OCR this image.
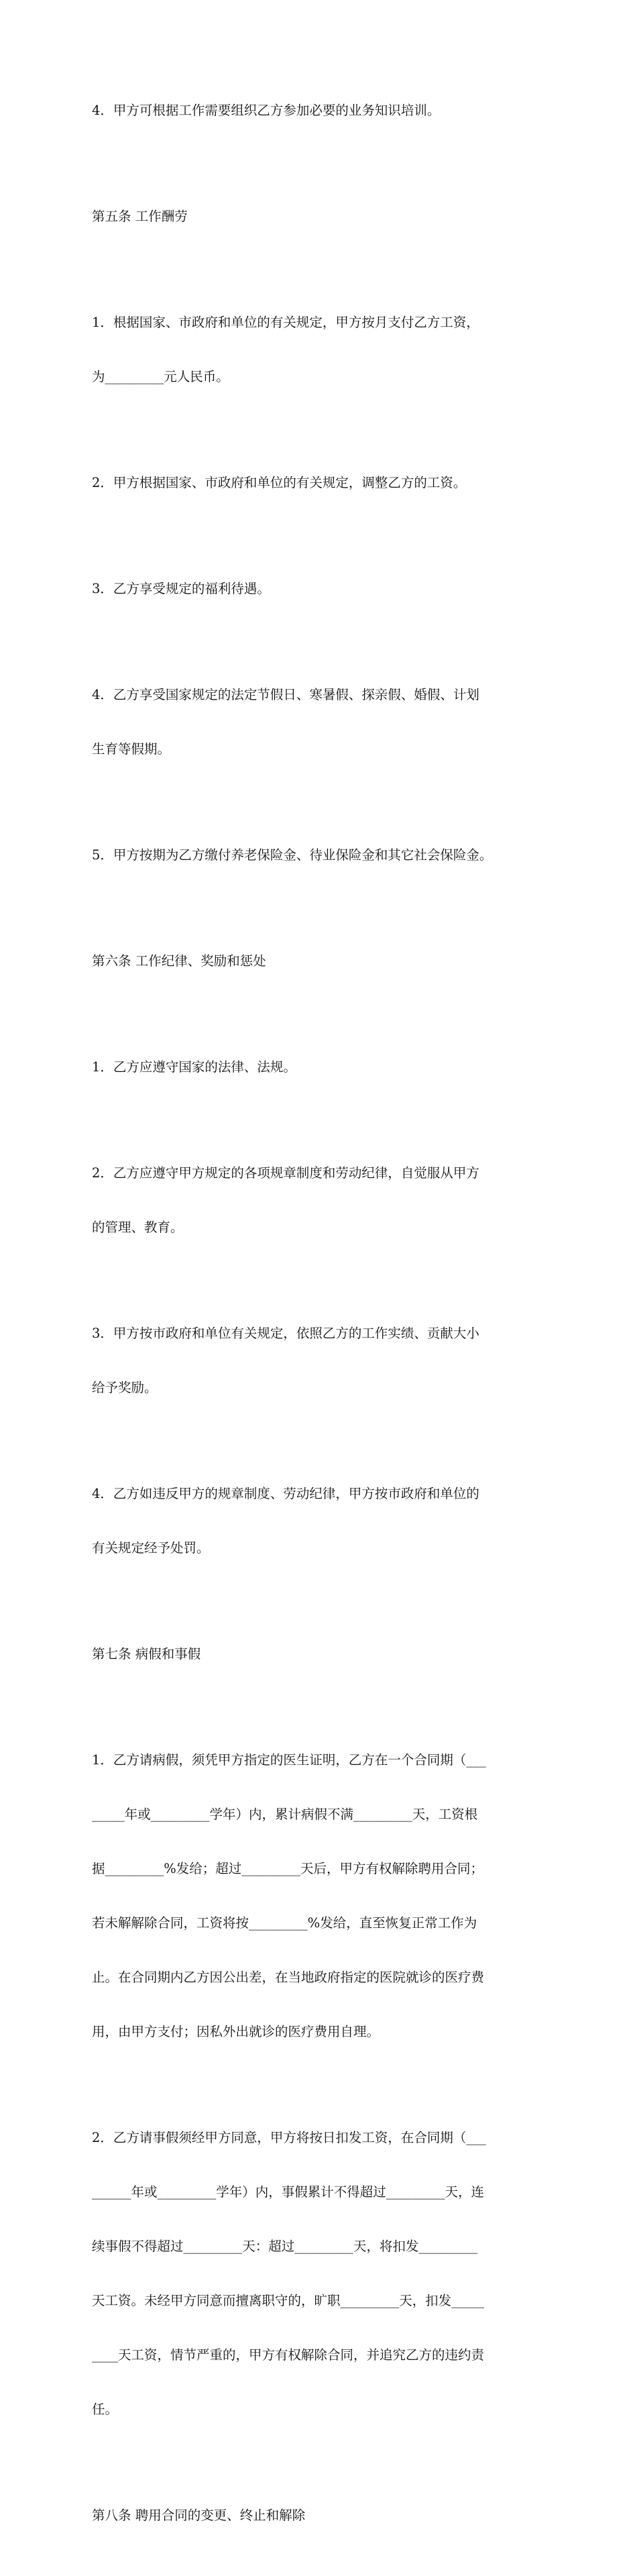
4．甲方可根据工作需要组织乙方参加必要的业务知识培训。

第五条 工作酬劳

1．根据国家、市政府和单位的有关规定，甲方按月支付乙方工资，

为_________元人民币。

2．甲方根据国家、市政府和单位的有关规定，调整乙方的工资。

3．乙方享受规定的福利待遇。

4．乙方享受国家规定的法定节假日、寒暑假、探亲假、婚假、计划

生育等假期。

5．甲方按期为乙方缴付养老保险金、待业保险金和其它社会保险金。

第六条 工作纪律、奖励和惩处

1．乙方应遵守国家的法律、法规。

2．乙方应遵守甲方规定的各项规章制度和劳动纪律，自觉服从甲方

的管理、教育。

3．甲方按市政府和单位有关规定，依照乙方的工作实绩、贡献大小

给予奖励。

4．乙方如违反甲方的规章制度、劳动纪律，甲方按市政府和单位的

有关规定经予处罚。

第七条 病假和事假

1．乙方请病假，须凭甲方指定的医生证明，乙方在一个合同期（___

_____年或_________学年）内，累计病假不满_________天，工资根

据_________%发给；超过_________天后，甲方有权解除聘用合同；

若未解解除合同，工资将按_________%发给，直至恢复正常工作为

止。在合同期内乙方因公出差，在当地政府指定的医院就诊的医疗费

用，由甲方支付；因私外出就诊的医疗费用自理。

2．乙方请事假须经甲方同意，甲方将按日扣发工资，在合同期（___

______年或_________学年）内，事假累计不得超过_________天，连

续事假不得超过_________天：超过_________天，将扣发_________

天工资。未经甲方同意而擅离职守的，旷职_________天，扣发_____

____天工资，情节严重的，甲方有权解除合同，并追究乙方的违约责

任。

第八条 聘用合同的变更、终止和解除
